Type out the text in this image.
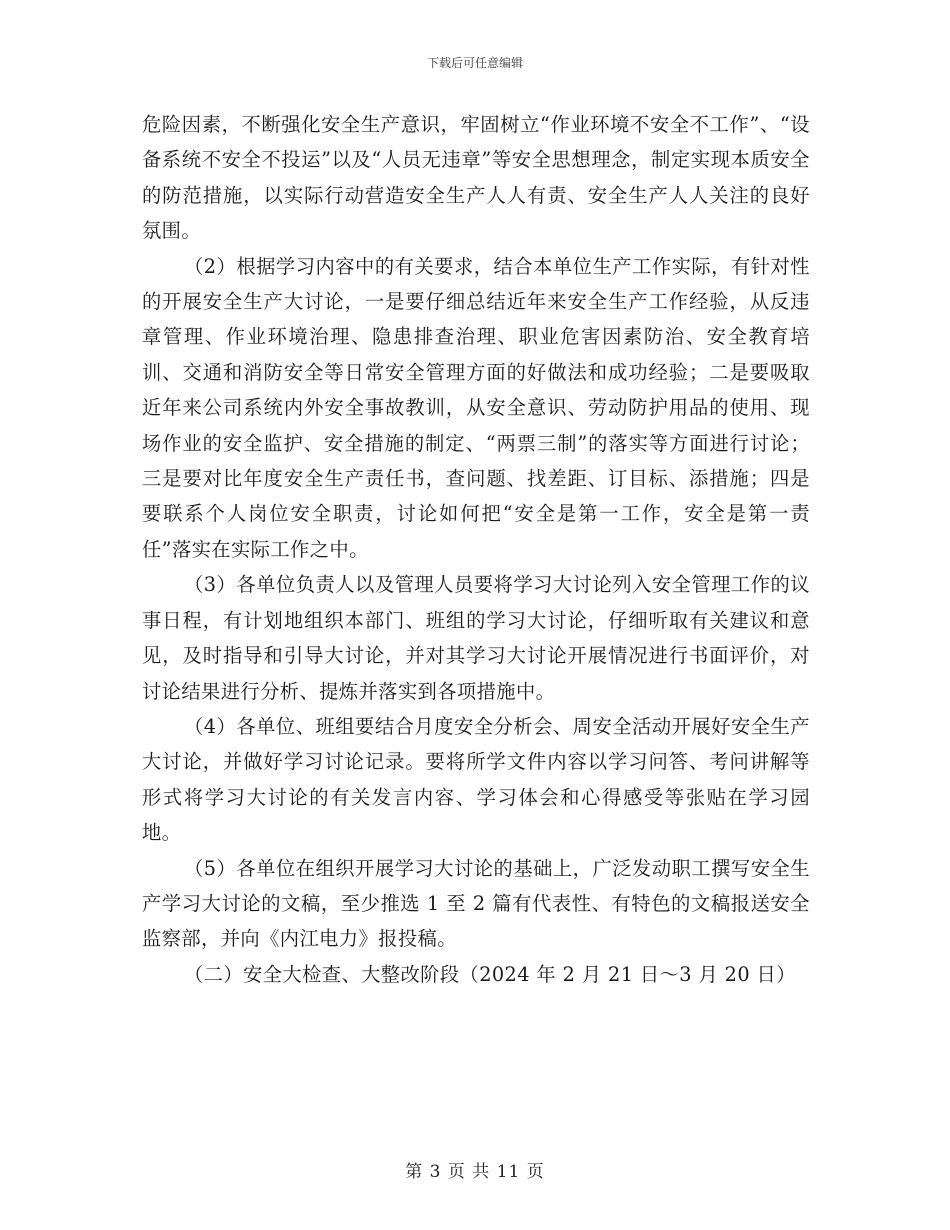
下载后可任意编辑

危险因素，不断强化安全生产意识，牢固树立“作业环境不安全不工作”、“设备系统不安全不投运”以及“人员无违章”等安全思想理念，制定实现本质安全的防范措施，以实际行动营造安全生产人人有责、安全生产人人关注的良好氛围。

（2）根据学习内容中的有关要求，结合本单位生产工作实际，有针对性的开展安全生产大讨论，一是要仔细总结近年来安全生产工作经验，从反违章管理、作业环境治理、隐患排查治理、职业危害因素防治、安全教育培训、交通和消防安全等日常安全管理方面的好做法和成功经验；二是要吸取近年来公司系统内外安全事故教训，从安全意识、劳动防护用品的使用、现场作业的安全监护、安全措施的制定、“两票三制”的落实等方面进行讨论；三是要对比年度安全生产责任书，查问题、找差距、订目标、添措施；四是要联系个人岗位安全职责，讨论如何把“安全是第一工作，安全是第一责任”落实在实际工作之中。

（3）各单位负责人以及管理人员要将学习大讨论列入安全管理工作的议事日程，有计划地组织本部门、班组的学习大讨论，仔细听取有关建议和意见，及时指导和引导大讨论，并对其学习大讨论开展情况进行书面评价，对讨论结果进行分析、提炼并落实到各项措施中。

（4）各单位、班组要结合月度安全分析会、周安全活动开展好安全生产大讨论，并做好学习讨论记录。要将所学文件内容以学习问答、考问讲解等形式将学习大讨论的有关发言内容、学习体会和心得感受等张贴在学习园地。

（5）各单位在组织开展学习大讨论的基础上，广泛发动职工撰写安全生产学习大讨论的文稿，至少推选 1 至 2 篇有代表性、有特色的文稿报送安全监察部，并向《内江电力》报投稿。

（二）安全大检查、大整改阶段（2024 年 2 月 21 日～3 月 20 日）

第 3 页 共 11 页
